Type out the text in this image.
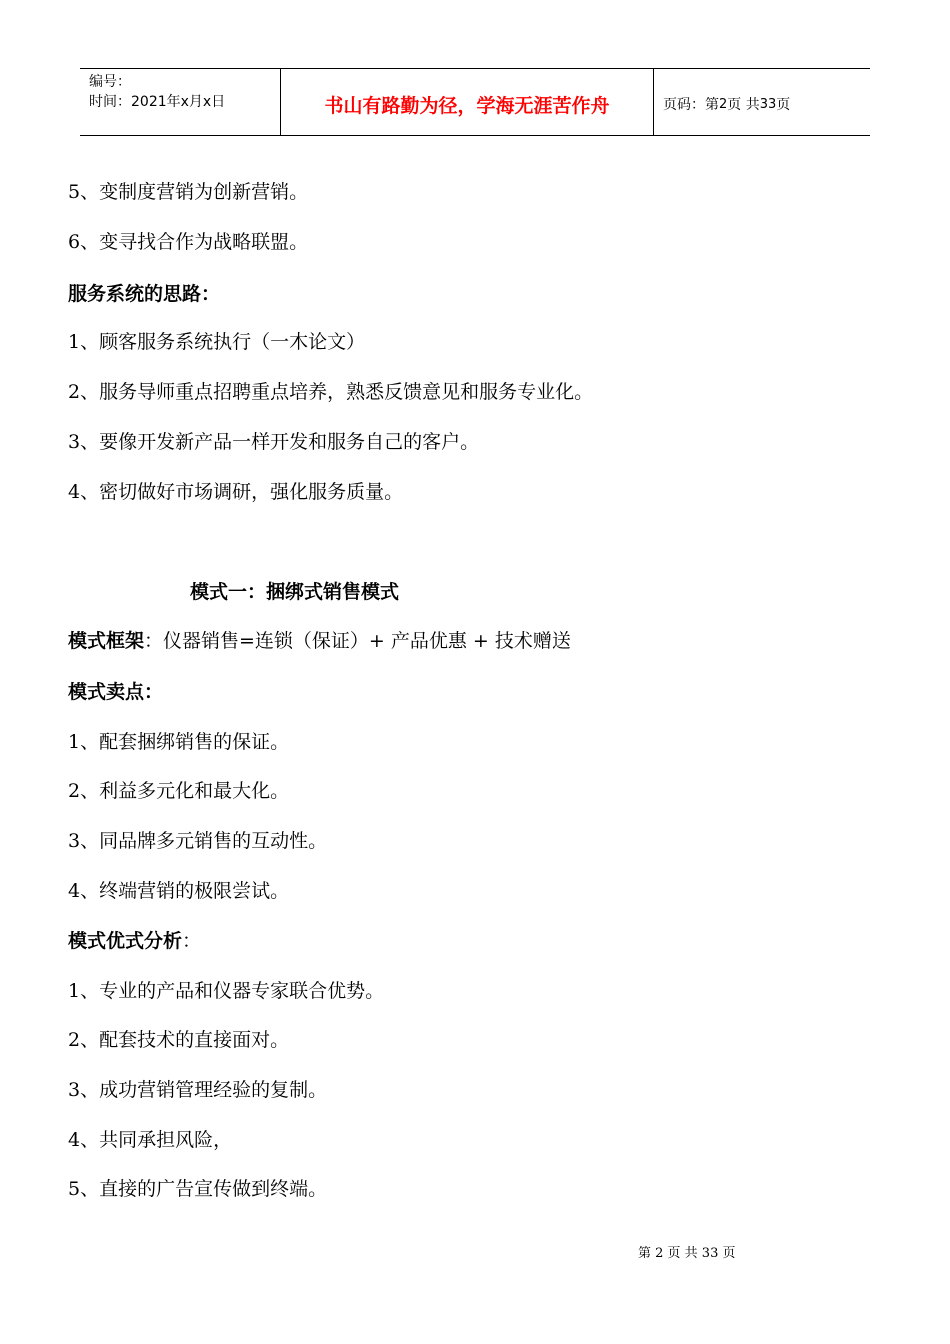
编号：
时间：2021年x月x日	书山有路勤为径，学海无涯苦作舟	页码：第 2 页 共 33 页
5、变制度营销为创新营销。
6、变寻找合作为战略联盟。
服务系统的思路：
1、顾客服务系统执行（一木论文）
2、服务导师重点招聘重点培养，熟悉反馈意见和服务专业化。
3、要像开发新产品一样开发和服务自己的客户。
4、密切做好市场调研，强化服务质量。
模式一：捆绑式销售模式
模式框架：仪器销售=连锁（保证）+ 产品优惠 + 技术赠送
模式卖点：
1、配套捆绑销售的保证。
2、利益多元化和最大化。
3、同品牌多元销售的互动性。
4、终端营销的极限尝试。
模式优式分析：
1、专业的产品和仪器专家联合优势。
2、配套技术的直接面对。
3、成功营销管理经验的复制。
4、共同承担风险，
5、直接的广告宣传做到终端。
第 2 页 共 33 页
